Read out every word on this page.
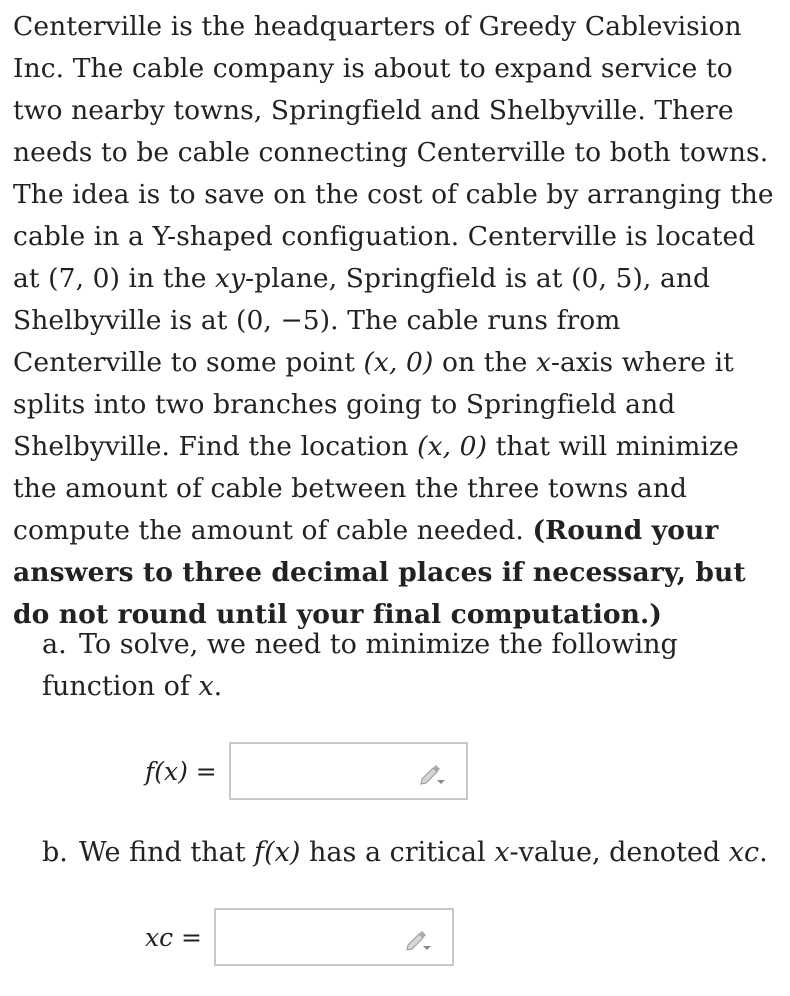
Centerville is the headquarters of Greedy Cablevision Inc. The cable company is about to expand service to two nearby towns, Springfield and Shelbyville. There needs to be cable connecting Centerville to both towns. The idea is to save on the cost of cable by arranging the cable in a Y-shaped configuation. Centerville is located at (7, 0) in the xy-plane, Springfield is at (0, 5), and Shelbyville is at (0, −5). The cable runs from Centerville to some point (x, 0) on the x-axis where it splits into two branches going to Springfield and Shelbyville. Find the location (x, 0) that will minimize the amount of cable between the three towns and compute the amount of cable needed. (Round your answers to three decimal places if necessary, but do not round until your final computation.)
a. To solve, we need to minimize the following function of x.
f(x) =
b. We find that f(x) has a critical x-value, denoted xc.
xc =
